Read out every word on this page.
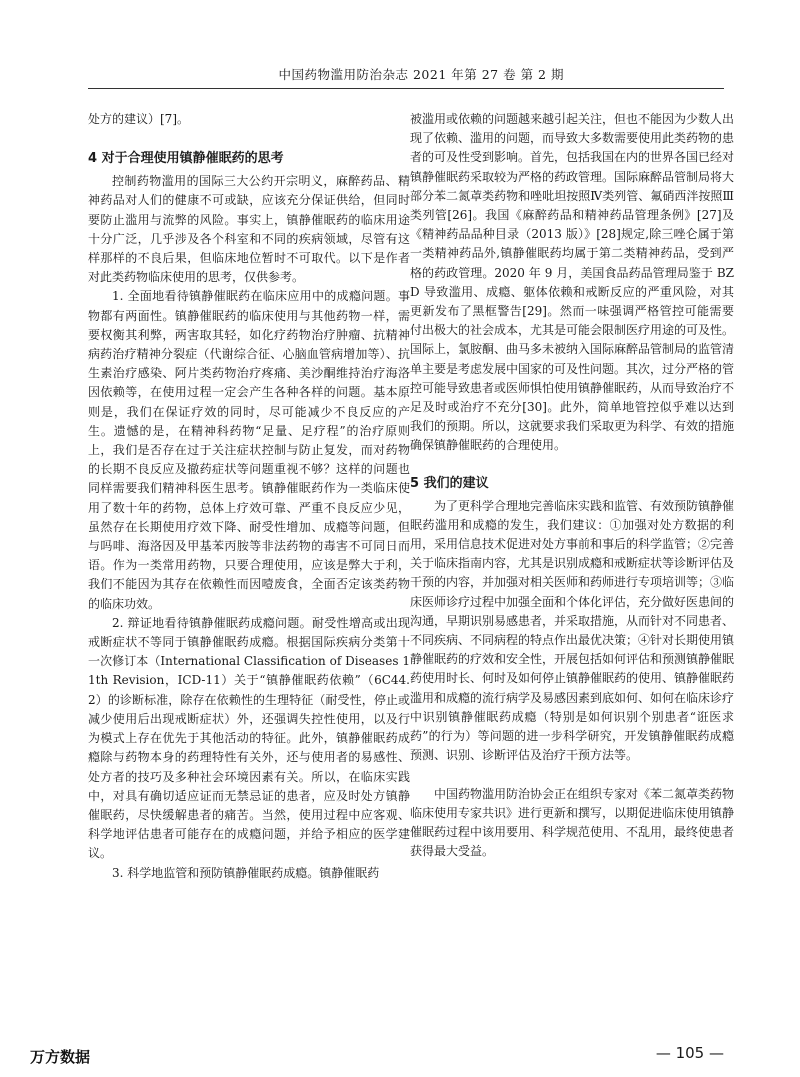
中国药物滥用防治杂志 2021 年第 27 卷 第 2 期

处方的建议）[7]。

4 对于合理使用镇静催眠药的思考

控制药物滥用的国际三大公约开宗明义，麻醉药品、精神药品对人们的健康不可或缺，应该充分保证供给，但同时要防止滥用与流弊的风险。事实上，镇静催眠药的临床用途十分广泛，几乎涉及各个科室和不同的疾病领域，尽管有这样那样的不良后果，但临床地位暂时不可取代。以下是作者对此类药物临床使用的思考，仅供参考。

1. 全面地看待镇静催眠药在临床应用中的成瘾问题。事物都有两面性。镇静催眠药的临床使用与其他药物一样，需要权衡其利弊，两害取其轻，如化疗药物治疗肿瘤、抗精神病药治疗精神分裂症（代谢综合征、心脑血管病增加等）、抗生素治疗感染、阿片类药物治疗疼痛、美沙酮维持治疗海洛因依赖等，在使用过程一定会产生各种各样的问题。基本原则是，我们在保证疗效的同时，尽可能减少不良反应的产生。遗憾的是，在精神科药物“足量、足疗程”的治疗原则上，我们是否存在过于关注症状控制与防止复发，而对药物的长期不良反应及撤药症状等问题重视不够？这样的问题也同样需要我们精神科医生思考。镇静催眠药作为一类临床使用了数十年的药物，总体上疗效可靠、严重不良反应少见，虽然存在长期使用疗效下降、耐受性增加、成瘾等问题，但与吗啡、海洛因及甲基苯丙胺等非法药物的毒害不可同日而语。作为一类常用药物，只要合理使用，应该是弊大于利，我们不能因为其存在依赖性而因噎废食，全面否定该类药物的临床功效。

2. 辩证地看待镇静催眠药成瘾问题。耐受性增高或出现戒断症状不等同于镇静催眠药成瘾。根据国际疾病分类第十一次修订本（International Classification of Diseases 11th Revision，ICD-11）关于“镇静催眠药依赖”（6C44.2）的诊断标准，除存在依赖性的生理特征（耐受性，停止或减少使用后出现戒断症状）外，还强调失控性使用，以及行为模式上存在优先于其他活动的特征。此外，镇静催眠药成瘾除与药物本身的药理特性有关外，还与使用者的易感性、处方者的技巧及多种社会环境因素有关。所以，在临床实践中，对具有确切适应证而无禁忌证的患者，应及时处方镇静催眠药，尽快缓解患者的痛苦。当然，使用过程中应客观、科学地评估患者可能存在的成瘾问题，并给予相应的医学建议。

3. 科学地监管和预防镇静催眠药成瘾。镇静催眠药

被滥用或依赖的问题越来越引起关注，但也不能因为少数人出现了依赖、滥用的问题，而导致大多数需要使用此类药物的患者的可及性受到影响。首先，包括我国在内的世界各国已经对镇静催眠药采取较为严格的药政管理。国际麻醉品管制局将大部分苯二氮䓬类药物和唑吡坦按照Ⅳ类列管、氟硝西泮按照Ⅲ类列管[26]。我国《麻醉药品和精神药品管理条例》[27]及《精神药品品种目录（2013 版）》[28]规定,除三唑仑属于第一类精神药品外,镇静催眠药均属于第二类精神药品，受到严格的药政管理。2020 年 9 月，美国食品药品管理局鉴于 BZD 导致滥用、成瘾、躯体依赖和戒断反应的严重风险，对其更新发布了黑框警告[29]。然而一味强调严格管控可能需要付出极大的社会成本，尤其是可能会限制医疗用途的可及性。国际上，氯胺酮、曲马多未被纳入国际麻醉品管制局的监管清单主要是考虑发展中国家的可及性问题。其次，过分严格的管控可能导致患者或医师惧怕使用镇静催眠药，从而导致治疗不足及时或治疗不充分[30]。此外，简单地管控似乎难以达到我们的预期。所以，这就要求我们采取更为科学、有效的措施确保镇静催眠药的合理使用。

5 我们的建议

为了更科学合理地完善临床实践和监管、有效预防镇静催眠药滥用和成瘾的发生，我们建议：①加强对处方数据的利用，采用信息技术促进对处方事前和事后的科学监管；②完善关于临床指南内容，尤其是识别成瘾和戒断症状等诊断评估及干预的内容，并加强对相关医师和药师进行专项培训等；③临床医师诊疗过程中加强全面和个体化评估，充分做好医患间的沟通，早期识别易感患者，并采取措施，从而针对不同患者、不同疾病、不同病程的特点作出最优决策；④针对长期使用镇静催眠药的疗效和安全性，开展包括如何评估和预测镇静催眠药使用时长、何时及如何停止镇静催眠药的使用、镇静催眠药滥用和成瘾的流行病学及易感因素到底如何、如何在临床诊疗中识别镇静催眠药成瘾（特别是如何识别个别患者“诳医求药”的行为）等问题的进一步科学研究，开发镇静催眠药成瘾预测、识别、诊断评估及治疗干预方法等。

中国药物滥用防治协会正在组织专家对《苯二氮䓬类药物临床使用专家共识》进行更新和撰写，以期促进临床使用镇静催眠药过程中该用要用、科学规范使用、不乱用，最终使患者获得最大受益。

— 105 —
万方数据
